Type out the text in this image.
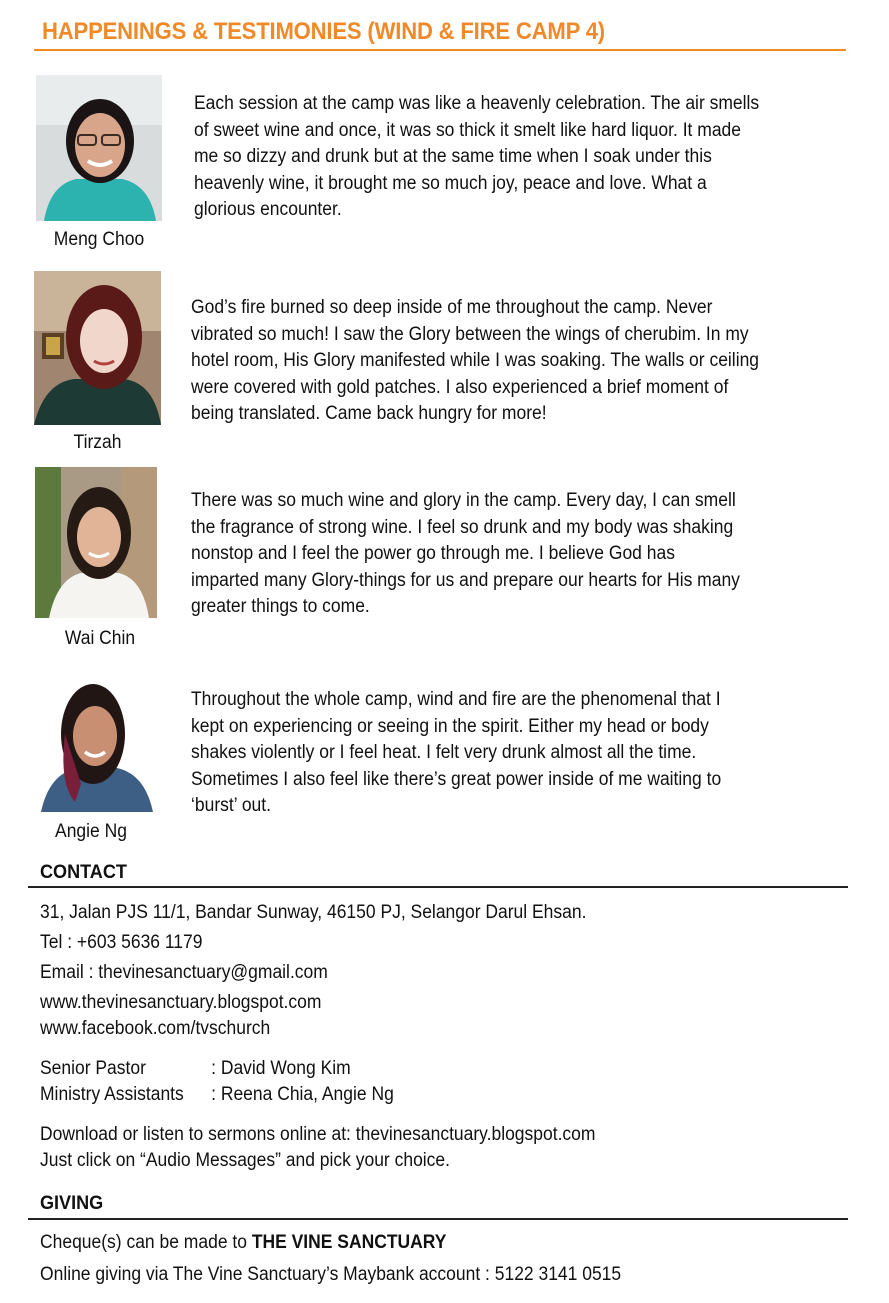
HAPPENINGS & TESTIMONIES (WIND & FIRE CAMP 4)
Meng Choo
Each session at the camp was like a heavenly celebration. The air smells
of sweet wine and once, it was so thick it smelt like hard liquor. It made
me so dizzy and drunk but at the same time when I soak under this
heavenly wine, it brought me so much joy, peace and love. What a
glorious encounter.
Tirzah
God’s fire burned so deep inside of me throughout the camp. Never
vibrated so much! I saw the Glory between the wings of cherubim. In my
hotel room, His Glory manifested while I was soaking. The walls or ceiling
were covered with gold patches. I also experienced a brief moment of
being translated. Came back hungry for more!
Wai Chin
There was so much wine and glory in the camp. Every day, I can smell
the fragrance of strong wine. I feel so drunk and my body was shaking
nonstop and I feel the power go through me. I believe God has
imparted many Glory-things for us and prepare our hearts for His many
greater things to come.
Angie Ng
Throughout the whole camp, wind and fire are the phenomenal that I
kept on experiencing or seeing in the spirit. Either my head or body
shakes violently or I feel heat. I felt very drunk almost all the time.
Sometimes I also feel like there’s great power inside of me waiting to
‘burst’ out.
CONTACT
31, Jalan PJS 11/1, Bandar Sunway, 46150 PJ, Selangor Darul Ehsan.
Tel : +603 5636 1179
Email : thevinesanctuary@gmail.com
www.thevinesanctuary.blogspot.com
www.facebook.com/tvschurch
Senior Pastor	: David Wong Kim
Ministry Assistants : Reena Chia, Angie Ng
Download or listen to sermons online at: thevinesanctuary.blogspot.com
Just click on “Audio Messages” and pick your choice.
GIVING
Cheque(s) can be made to THE VINE SANCTUARY
Online giving via The Vine Sanctuary’s Maybank account : 5122 3141 0515
